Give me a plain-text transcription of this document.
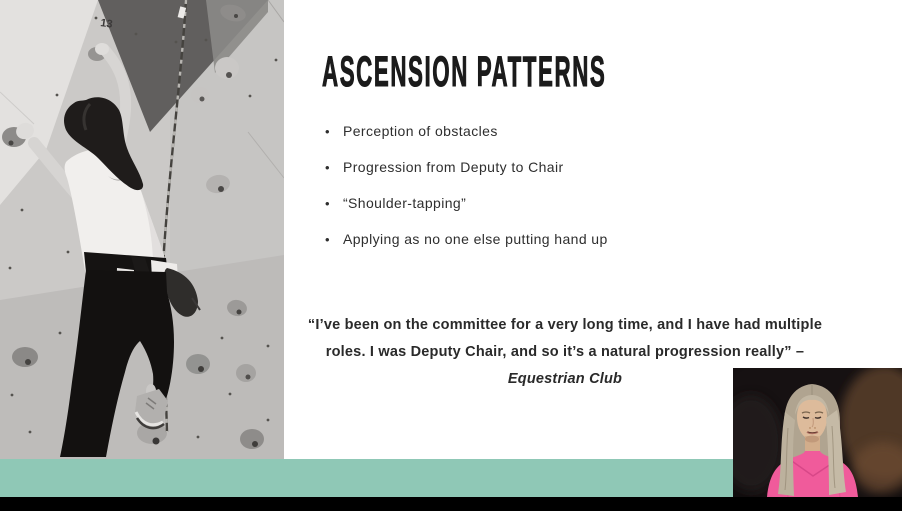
13
ASCENSION PATTERNS
• Perception of obstacles
• Progression from Deputy to Chair
• “Shoulder-tapping”
• Applying as no one else putting hand up
“I’ve been on the committee for a very long time, and I have had multiple roles. I was Deputy Chair, and so it’s a natural progression really” – Equestrian Club
